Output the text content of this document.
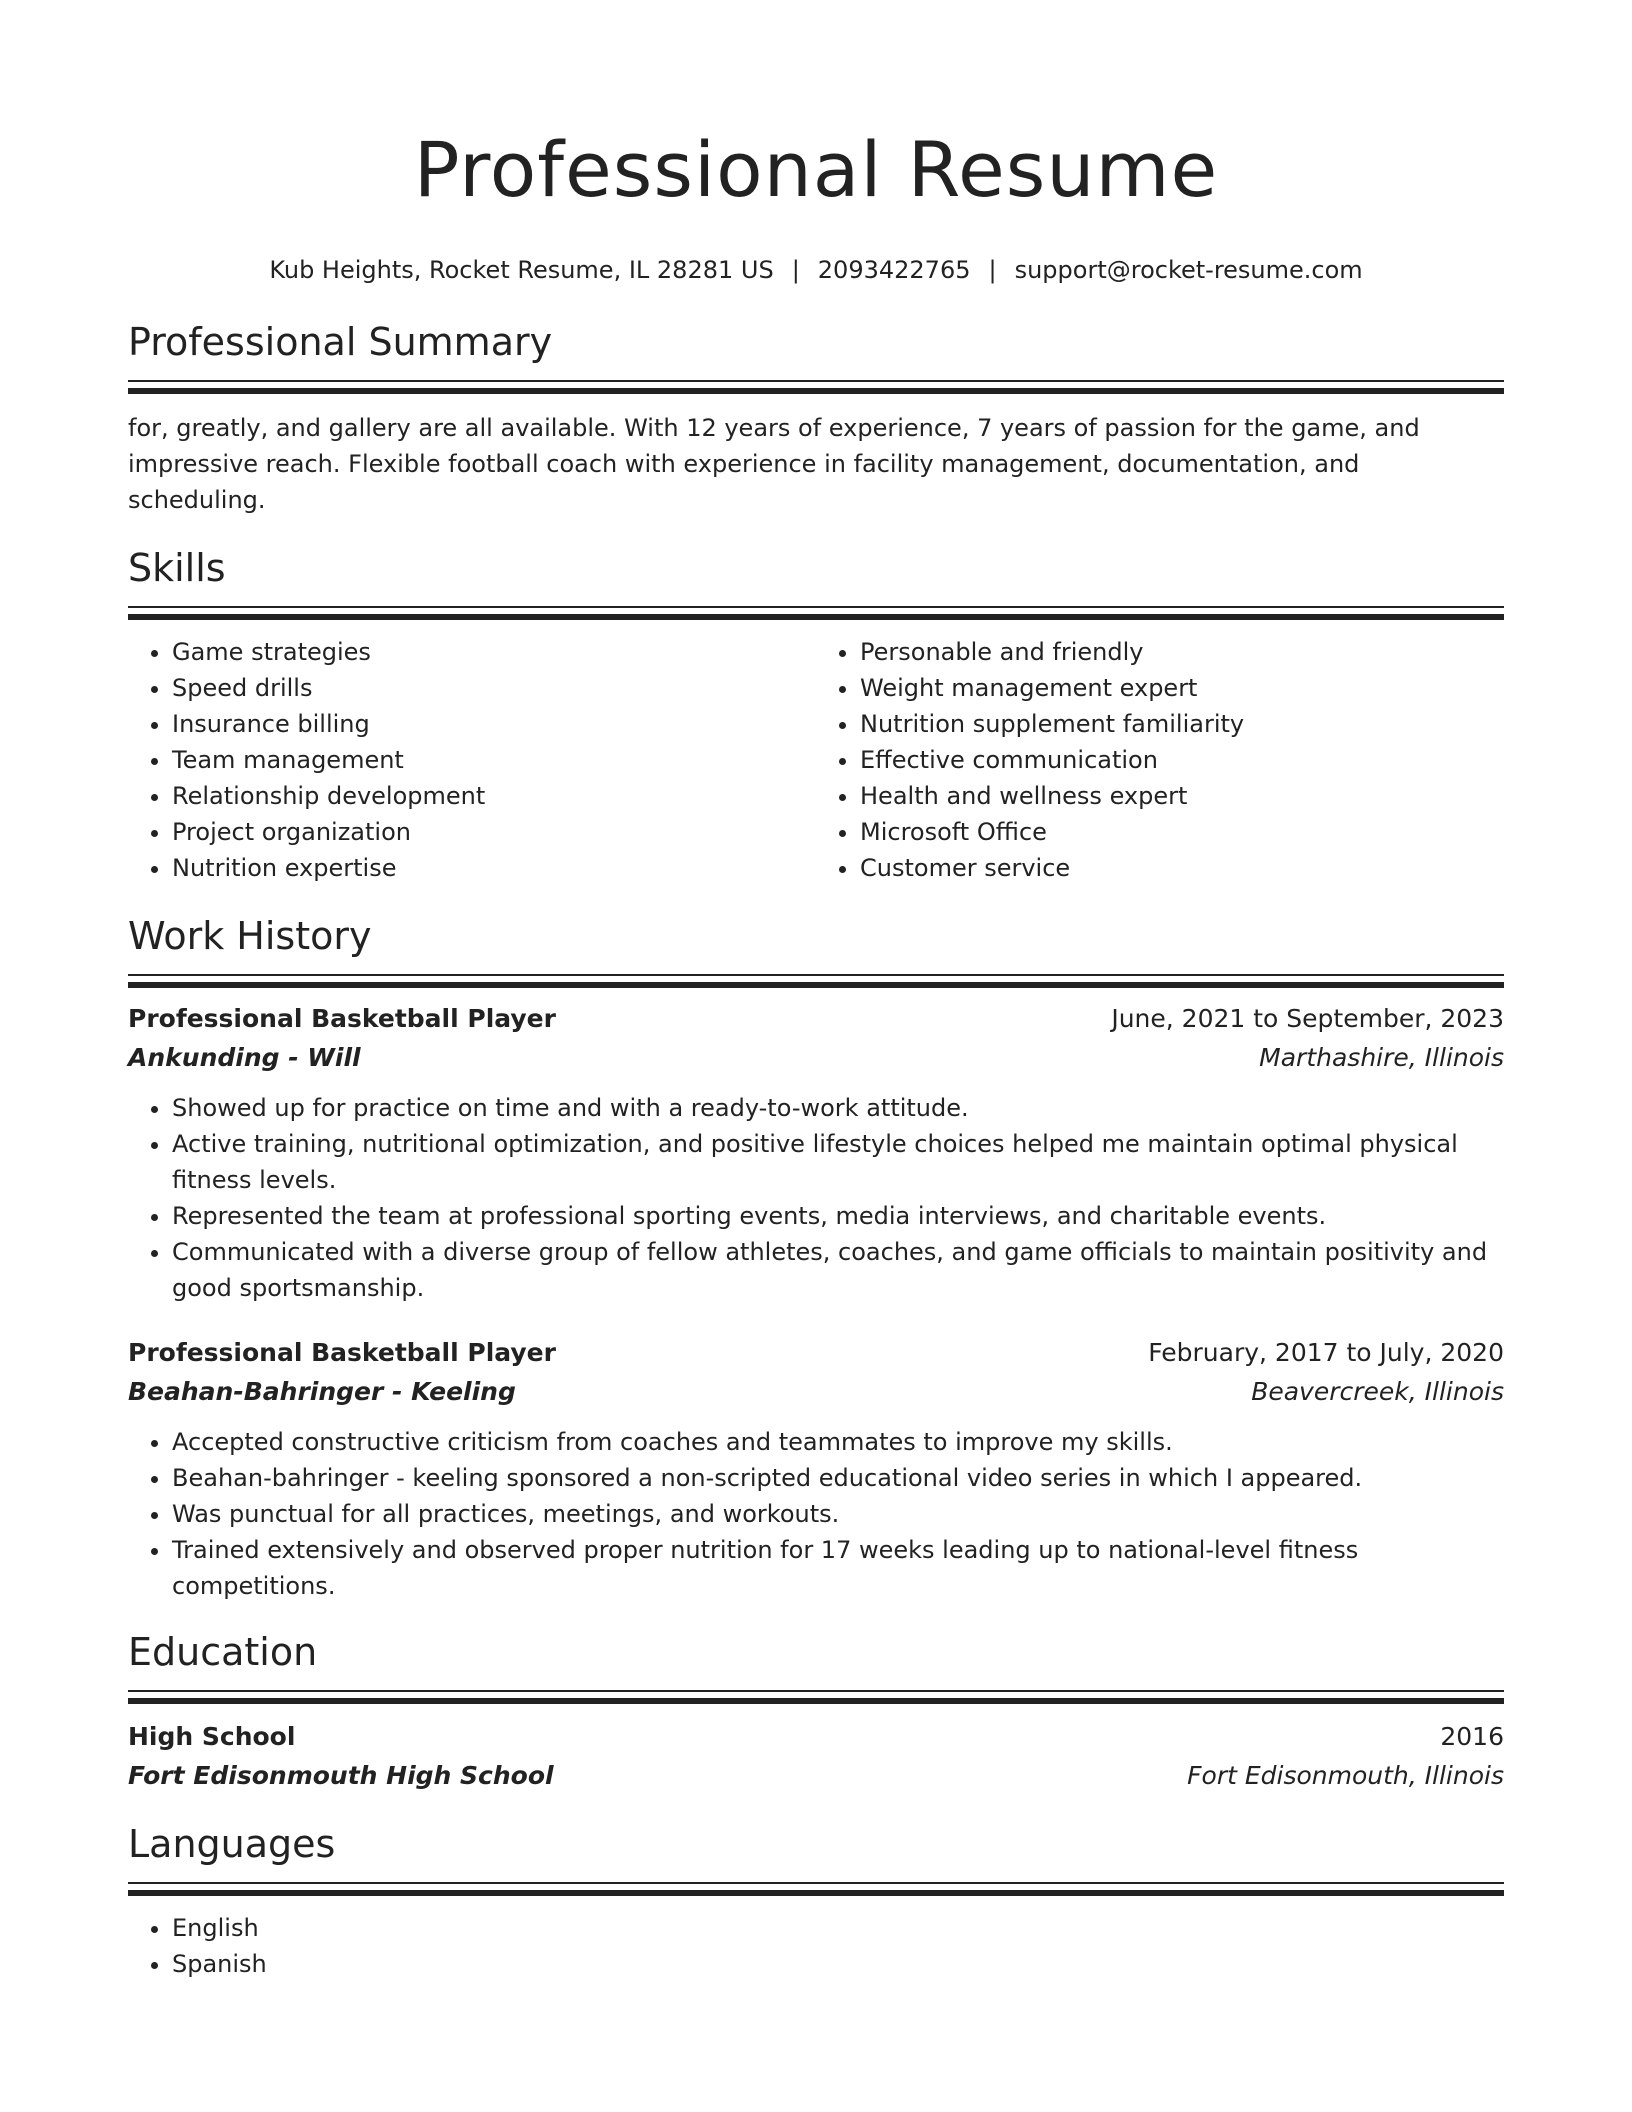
Professional Resume
Kub Heights, Rocket Resume, IL 28281 US | 2093422765 | support@rocket-resume.com
Professional Summary
for, greatly, and gallery are all available. With 12 years of experience, 7 years of passion for the game, and impressive reach. Flexible football coach with experience in facility management, documentation, and scheduling.
Skills
• Game strategies
• Speed drills
• Insurance billing
• Team management
• Relationship development
• Project organization
• Nutrition expertise
• Personable and friendly
• Weight management expert
• Nutrition supplement familiarity
• Effective communication
• Health and wellness expert
• Microsoft Office
• Customer service
Work History
Professional Basketball Player	June, 2021 to September, 2023
Ankunding - Will	Marthashire, Illinois
• Showed up for practice on time and with a ready-to-work attitude.
• Active training, nutritional optimization, and positive lifestyle choices helped me maintain optimal physical fitness levels.
• Represented the team at professional sporting events, media interviews, and charitable events.
• Communicated with a diverse group of fellow athletes, coaches, and game officials to maintain positivity and good sportsmanship.
Professional Basketball Player	February, 2017 to July, 2020
Beahan-Bahringer - Keeling	Beavercreek, Illinois
• Accepted constructive criticism from coaches and teammates to improve my skills.
• Beahan-bahringer - keeling sponsored a non-scripted educational video series in which I appeared.
• Was punctual for all practices, meetings, and workouts.
• Trained extensively and observed proper nutrition for 17 weeks leading up to national-level fitness competitions.
Education
High School	2016
Fort Edisonmouth High School	Fort Edisonmouth, Illinois
Languages
• English
• Spanish
